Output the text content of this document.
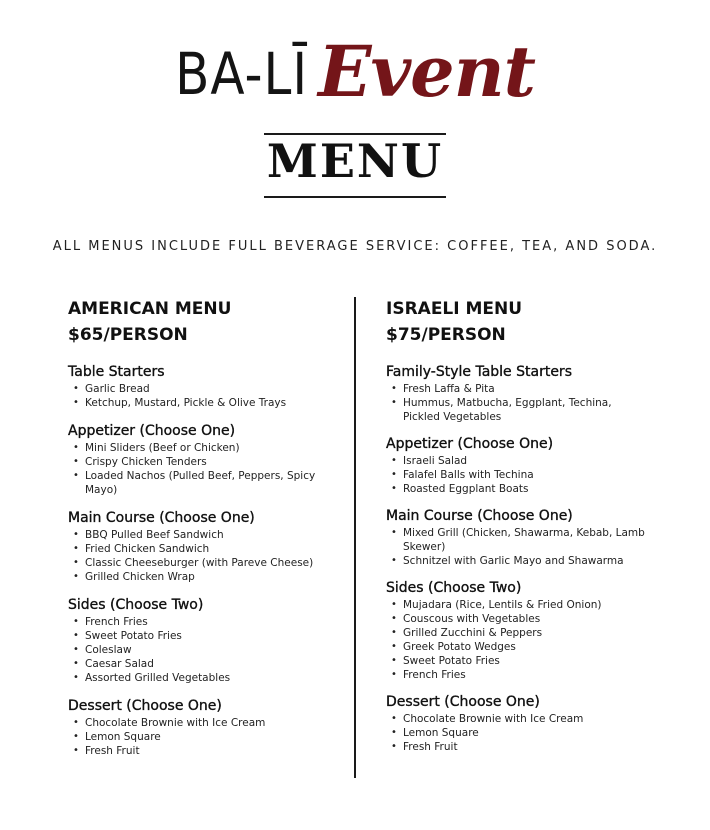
BA-LĪ Event
MENU
ALL MENUS INCLUDE FULL BEVERAGE SERVICE: COFFEE, TEA, AND SODA.
AMERICAN MENU
$65/PERSON
Table Starters
• Garlic Bread
• Ketchup, Mustard, Pickle & Olive Trays
Appetizer (Choose One)
• Mini Sliders (Beef or Chicken)
• Crispy Chicken Tenders
• Loaded Nachos (Pulled Beef, Peppers, Spicy Mayo)
Main Course (Choose One)
• BBQ Pulled Beef Sandwich
• Fried Chicken Sandwich
• Classic Cheeseburger (with Pareve Cheese)
• Grilled Chicken Wrap
Sides (Choose Two)
• French Fries
• Sweet Potato Fries
• Coleslaw
• Caesar Salad
• Assorted Grilled Vegetables
Dessert (Choose One)
• Chocolate Brownie with Ice Cream
• Lemon Square
• Fresh Fruit
ISRAELI MENU
$75/PERSON
Family-Style Table Starters
• Fresh Laffa & Pita
• Hummus, Matbucha, Eggplant, Techina, Pickled Vegetables
Appetizer (Choose One)
• Israeli Salad
• Falafel Balls with Techina
• Roasted Eggplant Boats
Main Course (Choose One)
• Mixed Grill (Chicken, Shawarma, Kebab, Lamb Skewer)
• Schnitzel with Garlic Mayo and Shawarma
Sides (Choose Two)
• Mujadara (Rice, Lentils & Fried Onion)
• Couscous with Vegetables
• Grilled Zucchini & Peppers
• Greek Potato Wedges
• Sweet Potato Fries
• French Fries
Dessert (Choose One)
• Chocolate Brownie with Ice Cream
• Lemon Square
• Fresh Fruit
